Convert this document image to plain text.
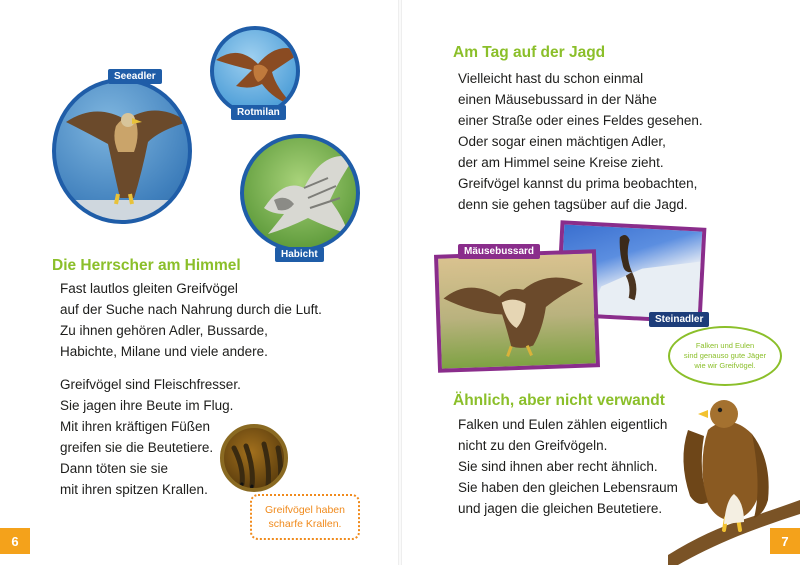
Seeadler
Rotmilan
Habicht
Die Herrscher am Himmel
Fast lautlos gleiten Greifvögel
auf der Suche nach Nahrung durch die Luft.
Zu ihnen gehören Adler, Bussarde,
Habichte, Milane und viele andere.
Greifvögel sind Fleischfresser.
Sie jagen ihre Beute im Flug.
Mit ihren kräftigen Füßen
greifen sie die Beutetiere.
Dann töten sie sie
mit ihren spitzen Krallen.
Greifvögel haben
scharfe Krallen.
6
Am Tag auf der Jagd
Vielleicht hast du schon einmal
einen Mäusebussard in der Nähe
einer Straße oder eines Feldes gesehen.
Oder sogar einen mächtigen Adler,
der am Himmel seine Kreise zieht.
Greifvögel kannst du prima beobachten,
denn sie gehen tagsüber auf die Jagd.
Steinadler
Mäusebussard
Falken und Eulen
sind genauso gute Jäger
wie wir Greifvögel.
Ähnlich, aber nicht verwandt
Falken und Eulen zählen eigentlich
nicht zu den Greifvögeln.
Sie sind ihnen aber recht ähnlich.
Sie haben den gleichen Lebensraum
und jagen die gleichen Beutetiere.
7
